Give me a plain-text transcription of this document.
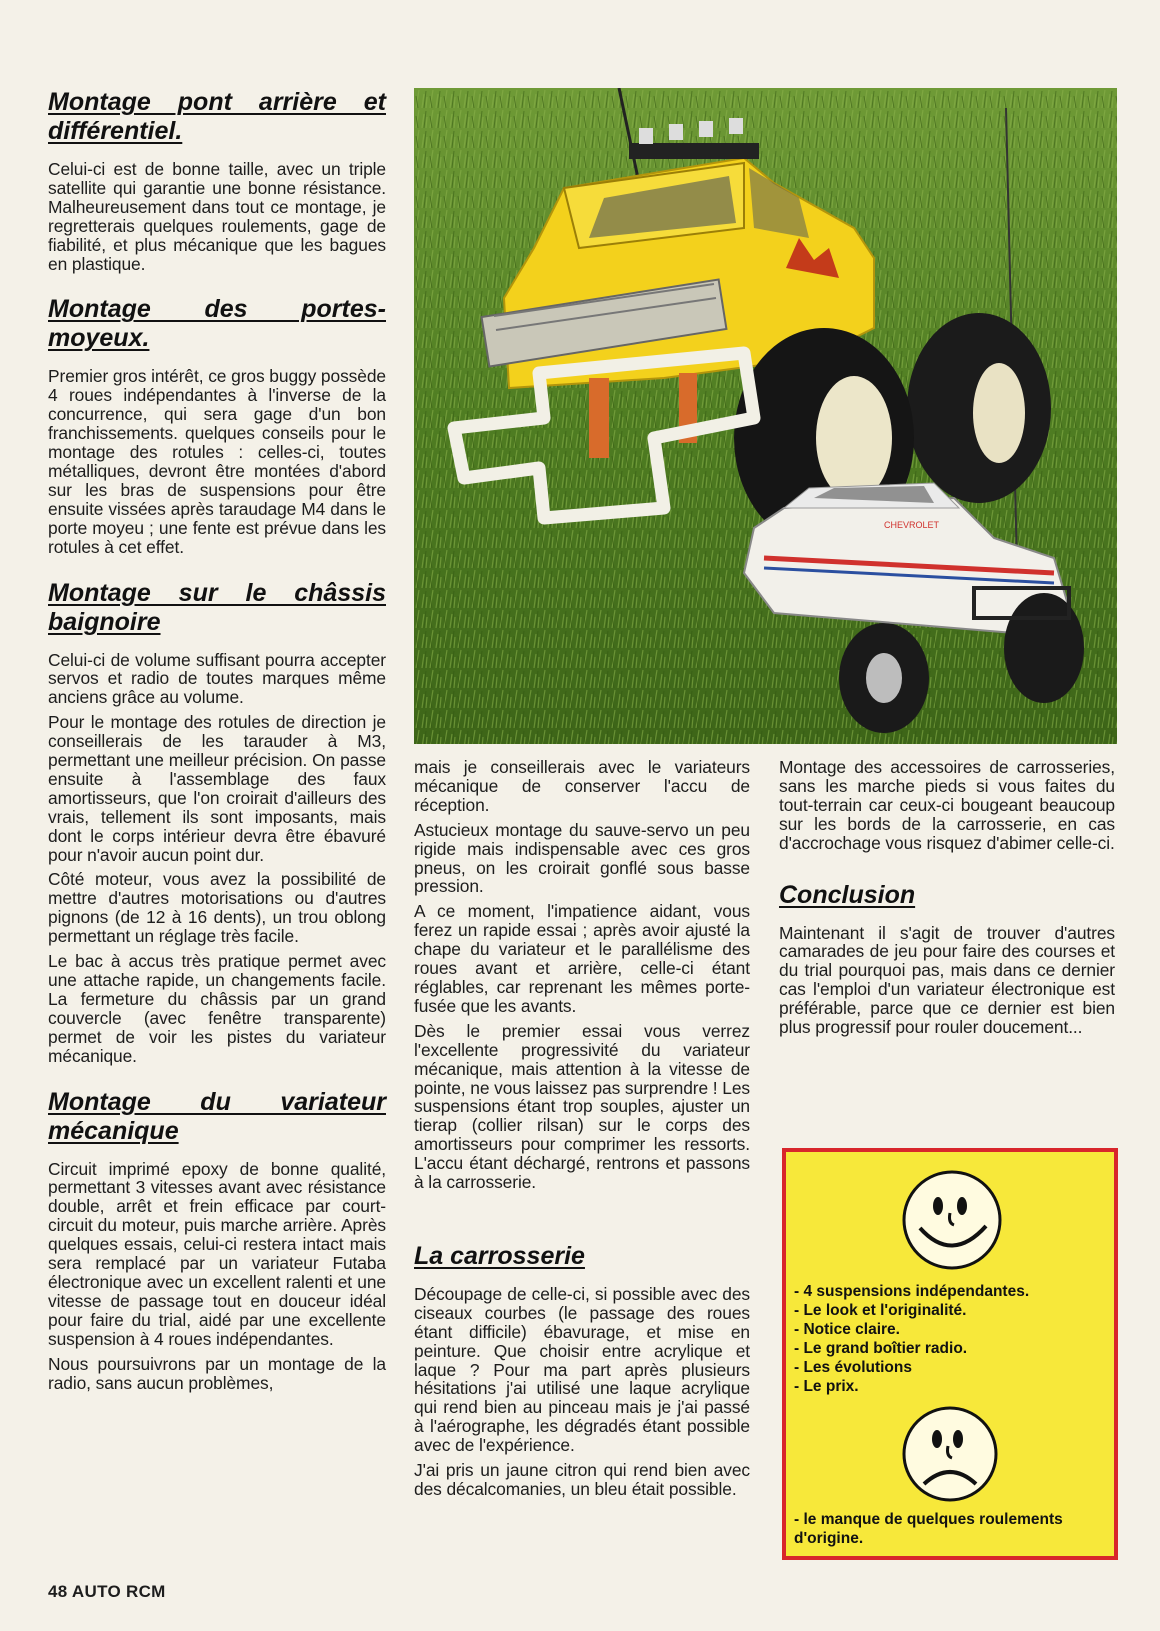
Montage pont arrière et différentiel.

Celui-ci est de bonne taille, avec un triple satellite qui garantie une bonne résistance. Malheureusement dans tout ce montage, je regretterais quelques roulements, gage de fiabilité, et plus mécanique que les bagues en plastique.

Montage des portes-moyeux.

Premier gros intérêt, ce gros buggy possède 4 roues indépendantes à l'inverse de la concurrence, qui sera gage d'un bon franchissements. quelques conseils pour le montage des rotules : celles-ci, toutes métalliques, devront être montées d'abord sur les bras de suspensions pour être ensuite vissées après taraudage M4 dans le porte moyeu ; une fente est prévue dans les rotules à cet effet.

Montage sur le châssis baignoire

Celui-ci de volume suffisant pourra accepter servos et radio de toutes marques même anciens grâce au volume.

Pour le montage des rotules de direction je conseillerais de les tarauder à M3, permettant une meilleur précision. On passe ensuite à l'assemblage des faux amortisseurs, que l'on croirait d'ailleurs des vrais, tellement ils sont imposants, mais dont le corps intérieur devra être ébavuré pour n'avoir aucun point dur.

Côté moteur, vous avez la possibilité de mettre d'autres motorisations ou d'autres pignons (de 12 à 16 dents), un trou oblong permettant un réglage très facile.

Le bac à accus très pratique permet avec une attache rapide, un changements facile. La fermeture du châssis par un grand couvercle (avec fenêtre transparente) permet de voir les pistes du variateur mécanique.

Montage du variateur mécanique

Circuit imprimé epoxy de bonne qualité, permettant 3 vitesses avant avec résistance double, arrêt et frein efficace par court-circuit du moteur, puis marche arrière. Après quelques essais, celui-ci restera intact mais sera remplacé par un variateur Futaba électronique avec un excellent ralenti et une vitesse de passage tout en douceur idéal pour faire du trial, aidé par une excellente suspension à 4 roues indépendantes.

Nous poursuivrons par un montage de la radio, sans aucun problèmes,

CHEVROLET

mais je conseillerais avec le variateurs mécanique de conserver l'accu de réception.

Astucieux montage du sauve-servo un peu rigide mais indispensable avec ces gros pneus, on les croirait gonflé sous basse pression.

A ce moment, l'impatience aidant, vous ferez un rapide essai ; après avoir ajusté la chape du variateur et le parallélisme des roues avant et arrière, celle-ci étant réglables, car reprenant les mêmes porte-fusée que les avants.

Dès le premier essai vous verrez l'excellente progressivité du variateur mécanique, mais attention à la vitesse de pointe, ne vous laissez pas surprendre ! Les suspensions étant trop souples, ajuster un tierap (collier rilsan) sur le corps des amortisseurs pour comprimer les ressorts. L'accu étant déchargé, rentrons et passons à la carrosserie.

La carrosserie

Découpage de celle-ci, si possible avec des ciseaux courbes (le passage des roues étant difficile) ébavurage, et mise en peinture. Que choisir entre acrylique et laque ? Pour ma part après plusieurs hésitations j'ai utilisé une laque acrylique qui rend bien au pinceau mais je j'ai passé à l'aérographe, les dégradés étant possible avec de l'expérience.

J'ai pris un jaune citron qui rend bien avec des décalcomanies, un bleu était possible.

Montage des accessoires de carrosseries, sans les marche pieds si vous faites du tout-terrain car ceux-ci bougeant beaucoup sur les bords de la carrosserie, en cas d'accrochage vous risquez d'abimer celle-ci.

Conclusion

Maintenant il s'agit de trouver d'autres camarades de jeu pour faire des courses et du trial pourquoi pas, mais dans ce dernier cas l'emploi d'un variateur électronique est préférable, parce que ce dernier est bien plus progressif pour rouler doucement...

- 4 suspensions indépendantes.
- Le look et l'originalité.
- Notice claire.
- Le grand boîtier radio.
- Les évolutions
- Le prix.
- le manque de quelques roulements d'origine.
48 AUTO RCM
